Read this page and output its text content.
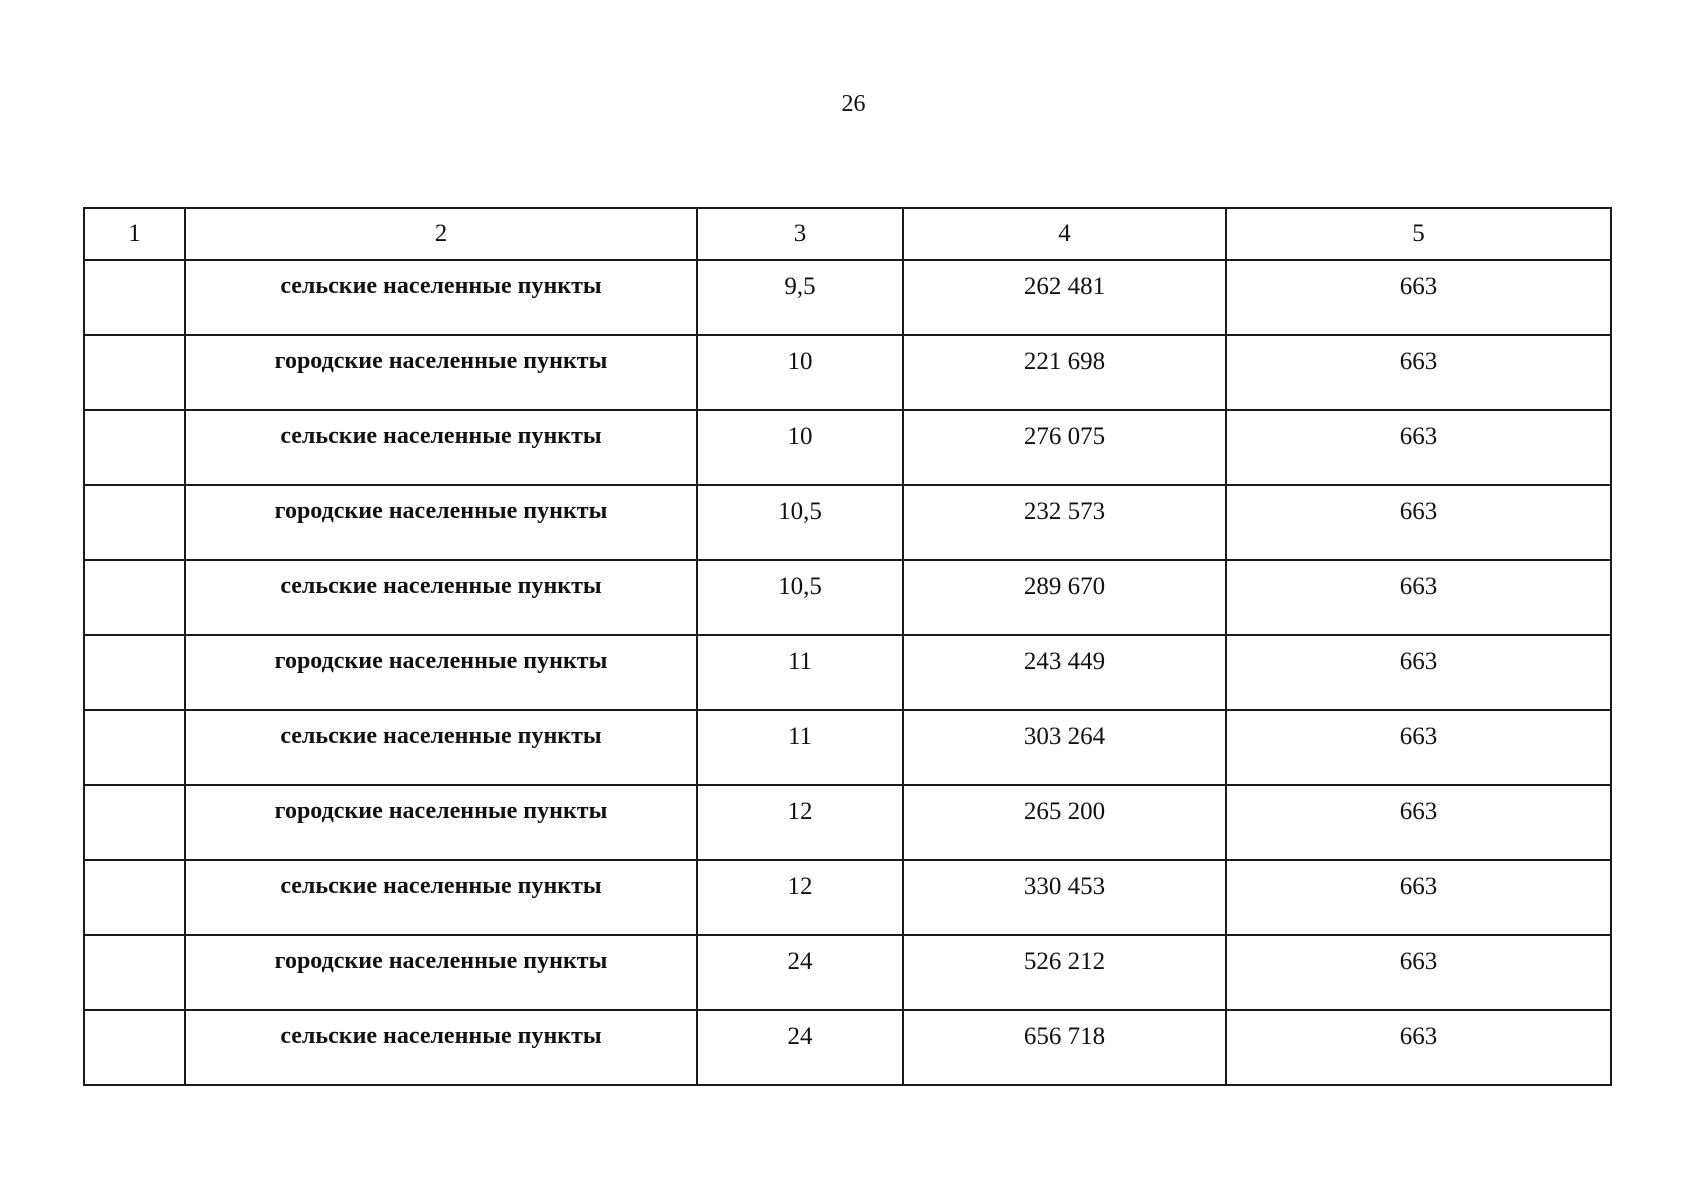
26
1	2	3	4	5
	сельские населенные пункты	9,5	262 481	663
	городские населенные пункты	10	221 698	663
	сельские населенные пункты	10	276 075	663
	городские населенные пункты	10,5	232 573	663
	сельские населенные пункты	10,5	289 670	663
	городские населенные пункты	11	243 449	663
	сельские населенные пункты	11	303 264	663
	городские населенные пункты	12	265 200	663
	сельские населенные пункты	12	330 453	663
	городские населенные пункты	24	526 212	663
	сельские населенные пункты	24	656 718	663
